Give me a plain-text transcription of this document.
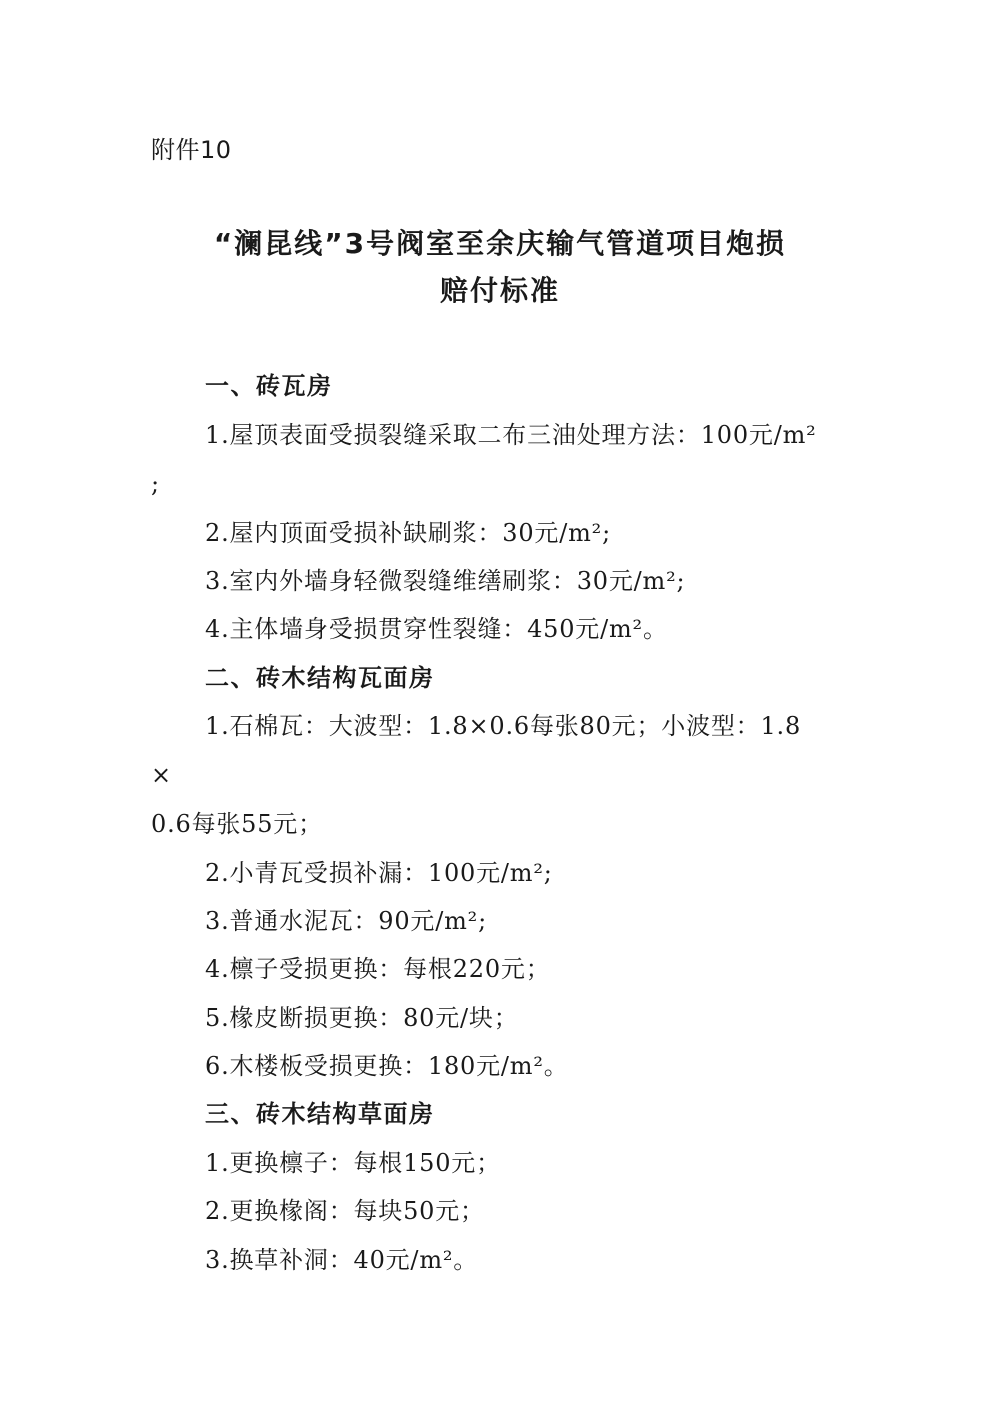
附件10
“澜昆线”3号阀室至余庆输气管道项目炮损
赔付标准
一、砖瓦房
1.屋顶表面受损裂缝采取二布三油处理方法：100元/m²
;
2.屋内顶面受损补缺刷浆：30元/m²;
3.室内外墙身轻微裂缝维缮刷浆：30元/m²;
4.主体墙身受损贯穿性裂缝：450元/m²。
二、砖木结构瓦面房
1.石棉瓦：大波型：1.8×0.6每张80元；小波型：1.8
×
0.6每张55元；
2.小青瓦受损补漏：100元/m²;
3.普通水泥瓦：90元/m²;
4.檩子受损更换：每根220元；
5.椽皮断损更换：80元/块；
6.木楼板受损更换：180元/m²。
三、砖木结构草面房
1.更换檩子：每根150元；
2.更换椽阁：每块50元；
3.换草补洞：40元/m²。
